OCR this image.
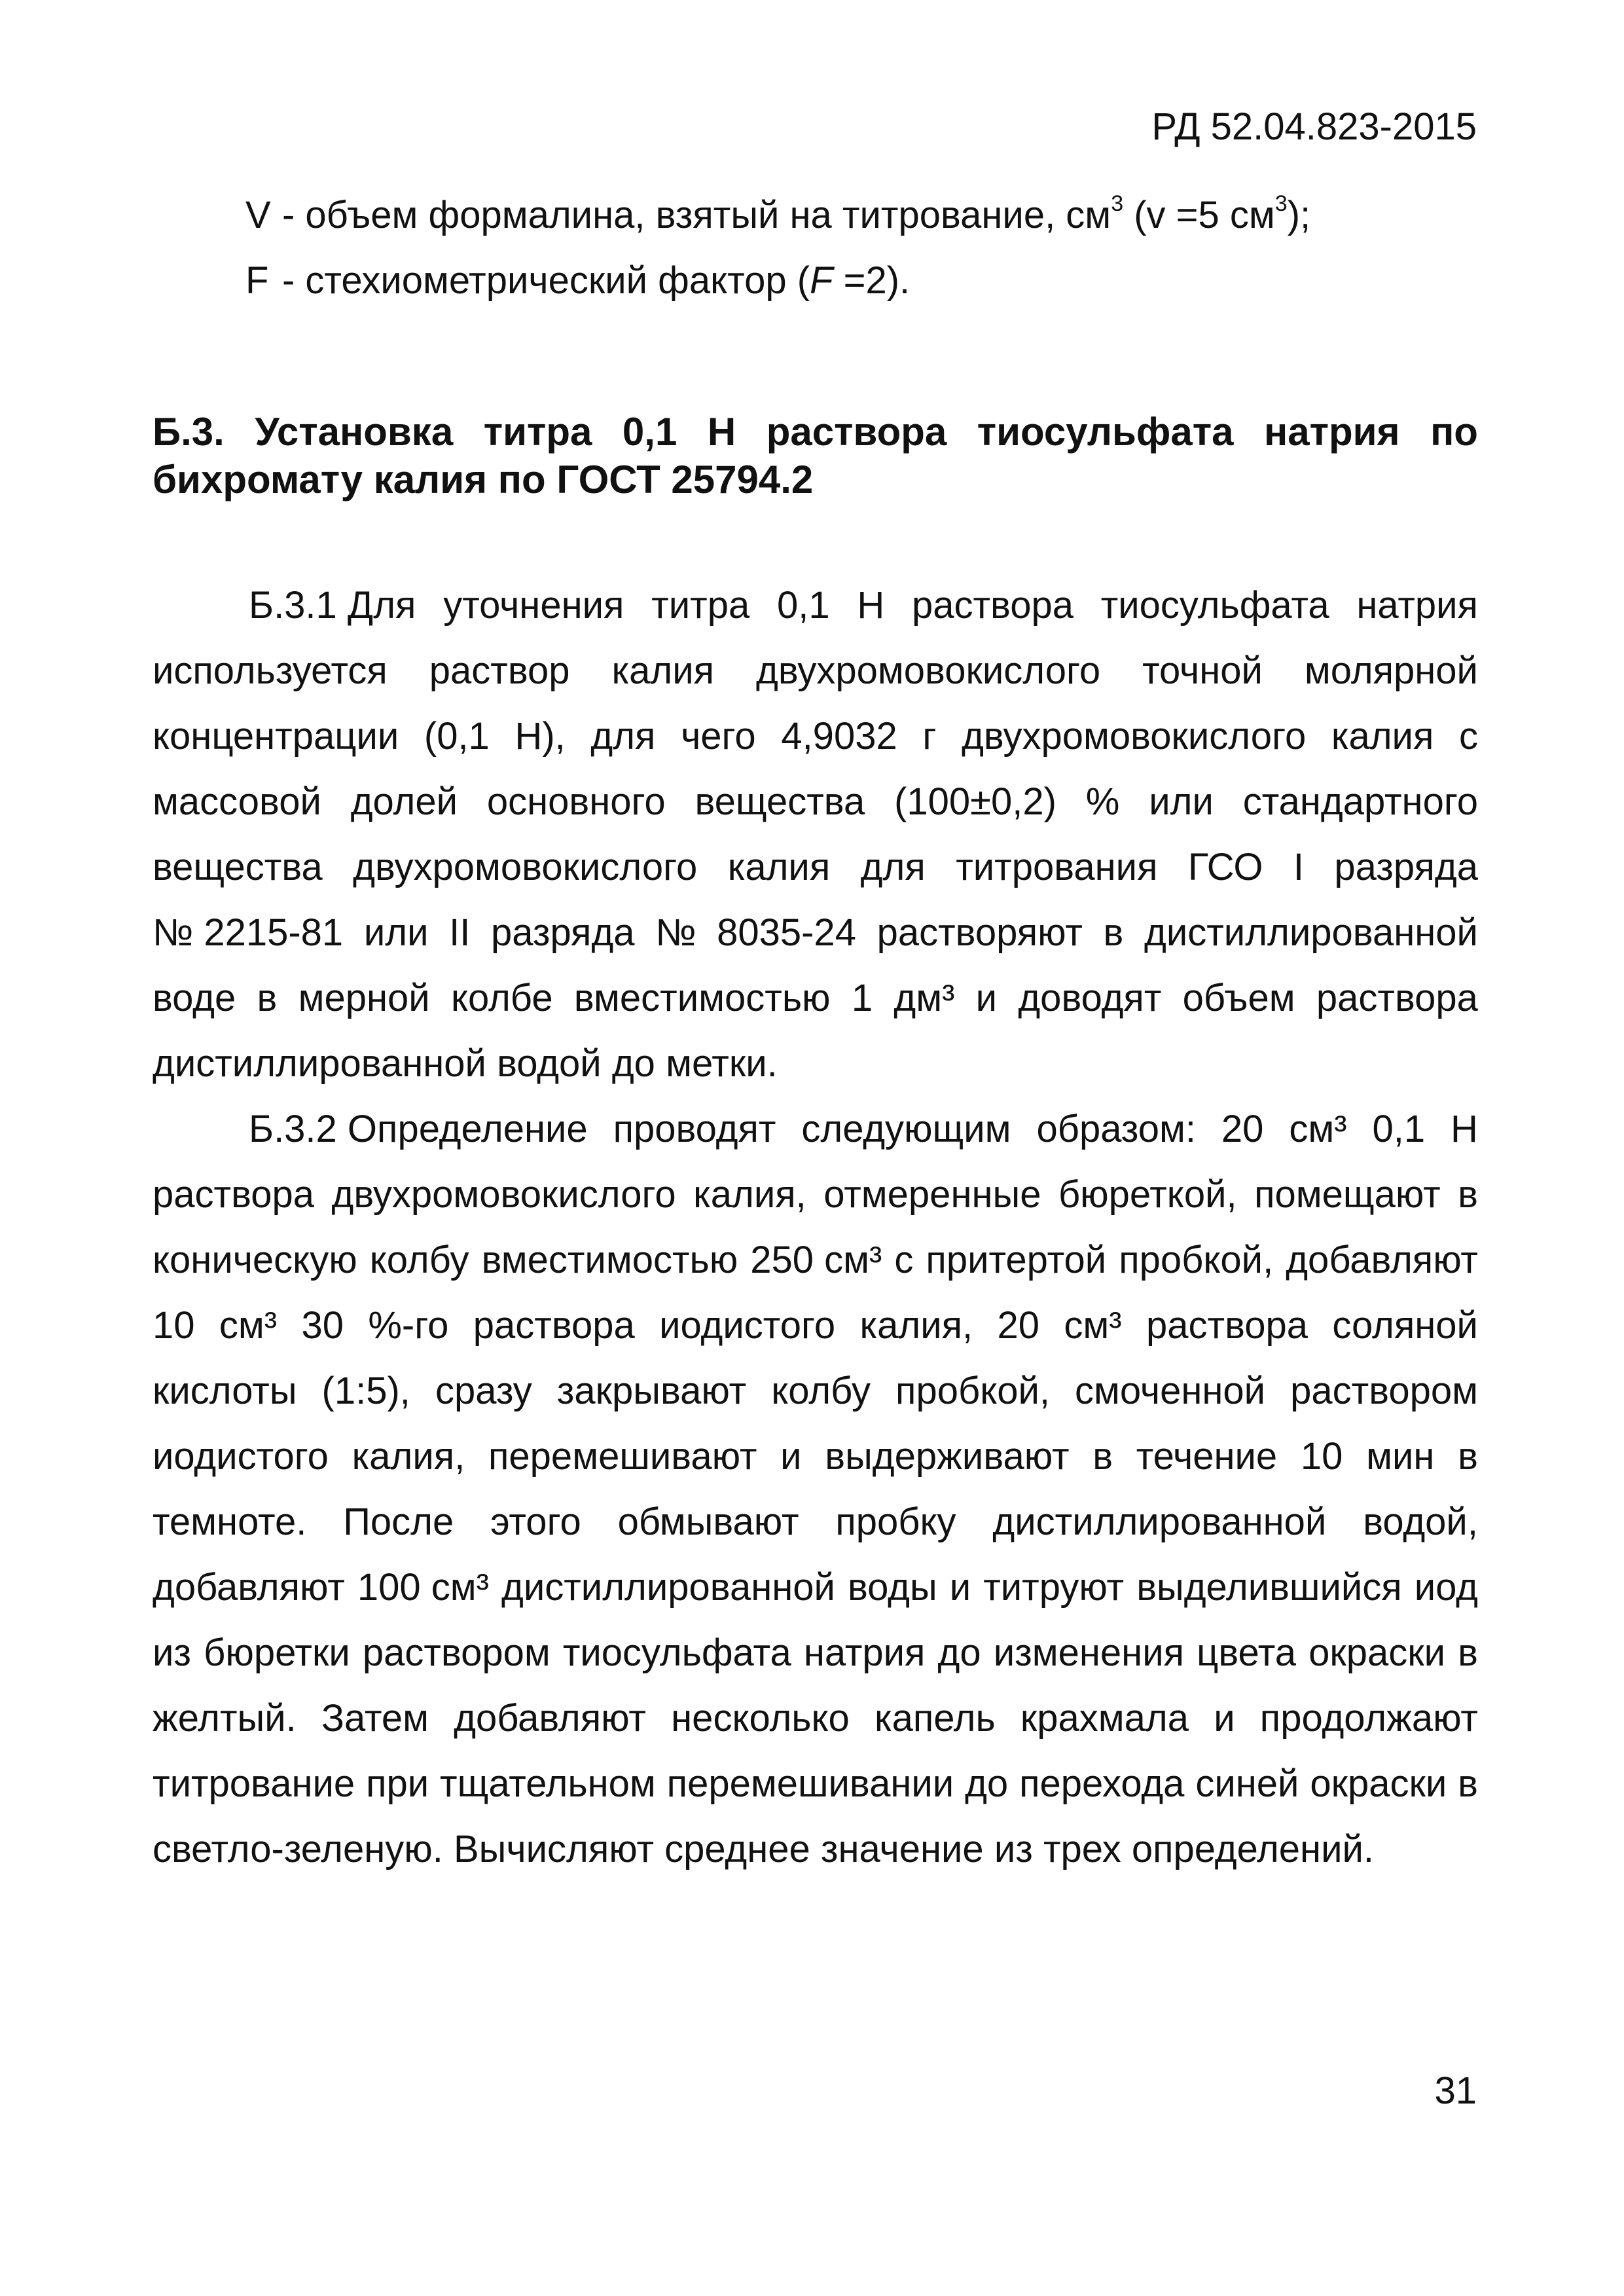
РД 52.04.823-2015
V - объем формалина, взятый на титрование, $см^3$ (v =5 $см^3$);
F - стехиометрический фактор (F =2).
Б.3. Установка титра 0,1 Н раствора тиосульфата натрия по
бихромату калия по ГОСТ 25794.2
Б.3.1 Для уточнения титра 0,1 Н раствора тиосульфата натрия
используется раствор калия двухромовокислого точной молярной
концентрации (0,1 Н), для чего 4,9032 г двухромовокислого калия с
массовой долей основного вещества (100±0,2) % или стандартного
вещества двухромовокислого калия для титрования ГСО I разряда
№ 2215-81 или II разряда № 8035-24 растворяют в дистиллированной
воде в мерной колбе вместимостью 1 дм³ и доводят объем раствора
дистиллированной водой до метки.
Б.3.2 Определение проводят следующим образом: 20 см³ 0,1 Н
раствора двухромовокислого калия, отмеренные бюреткой, помещают в
коническую колбу вместимостью 250 см³ с притертой пробкой, добавляют
10 см³ 30 %-го раствора иодистого калия, 20 см³ раствора соляной
кислоты (1:5), сразу закрывают колбу пробкой, смоченной раствором
иодистого калия, перемешивают и выдерживают в течение 10 мин в
темноте. После этого обмывают пробку дистиллированной водой,
добавляют 100 см³ дистиллированной воды и титруют выделившийся иод
из бюретки раствором тиосульфата натрия до изменения цвета окраски в
желтый. Затем добавляют несколько капель крахмала и продолжают
титрование при тщательном перемешивании до перехода синей окраски в
светло-зеленую. Вычисляют среднее значение из трех определений.
31
